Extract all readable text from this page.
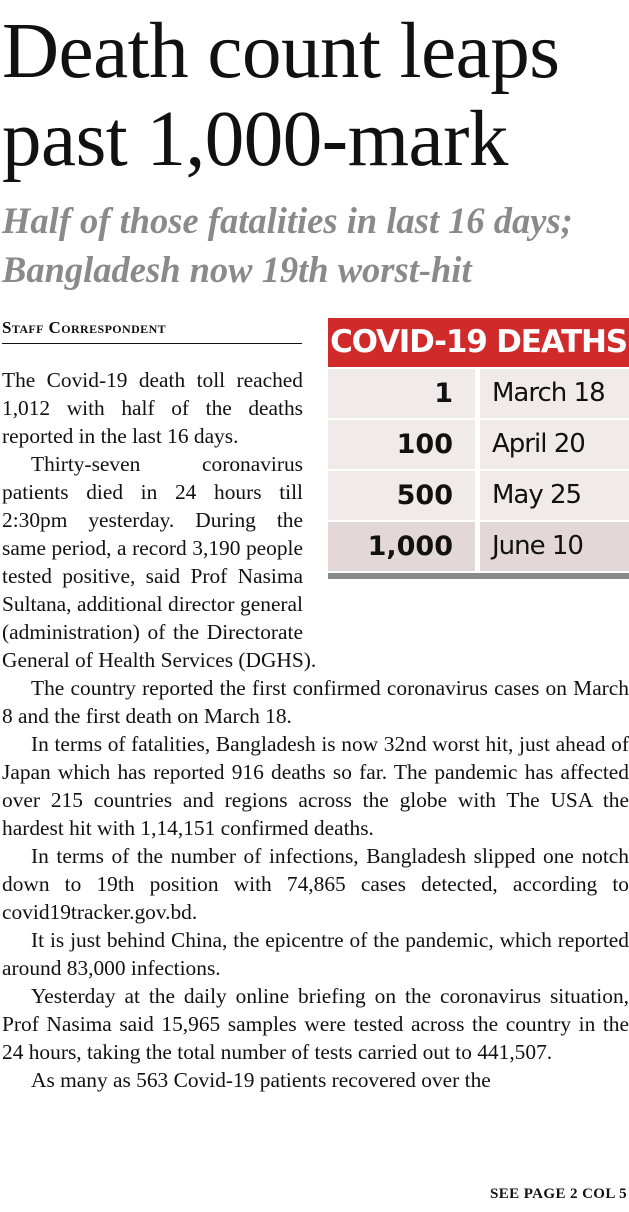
Death count leaps past 1,000-mark
Half of those fatalities in last 16 days; Bangladesh now 19th worst-hit
Staff Correspondent	COVID-19 DEATHS
1	March 18
100	April 20
500	May 25
1,000	June 10

The Covid-19 death toll reached 1,012 with half of the deaths reported in the last 16 days.

Thirty-seven coronavirus patients died in 24 hours till 2:30pm yesterday. During the same period, a record 3,190 people tested positive, said Prof Nasima Sultana, additional director general (administration) of the Directorate General of Health Services (DGHS).

The country reported the first confirmed coronavirus cases on March 8 and the first death on March 18.

In terms of fatalities, Bangladesh is now 32nd worst hit, just ahead of Japan which has reported 916 deaths so far. The pandemic has affected over 215 countries and regions across the globe with The USA the hardest hit with 1,14,151 confirmed deaths.

In terms of the number of infections, Bangladesh slipped one notch down to 19th position with 74,865 cases detected, according to covid19tracker.gov.bd.

It is just behind China, the epicentre of the pandemic, which reported around 83,000 infections.

Yesterday at the daily online briefing on the coronavirus situation, Prof Nasima said 15,965 samples were tested across the country in the 24 hours, taking the total number of tests carried out to 441,507.

As many as 563 Covid-19 patients recovered over the

SEE PAGE 2 COL 5
